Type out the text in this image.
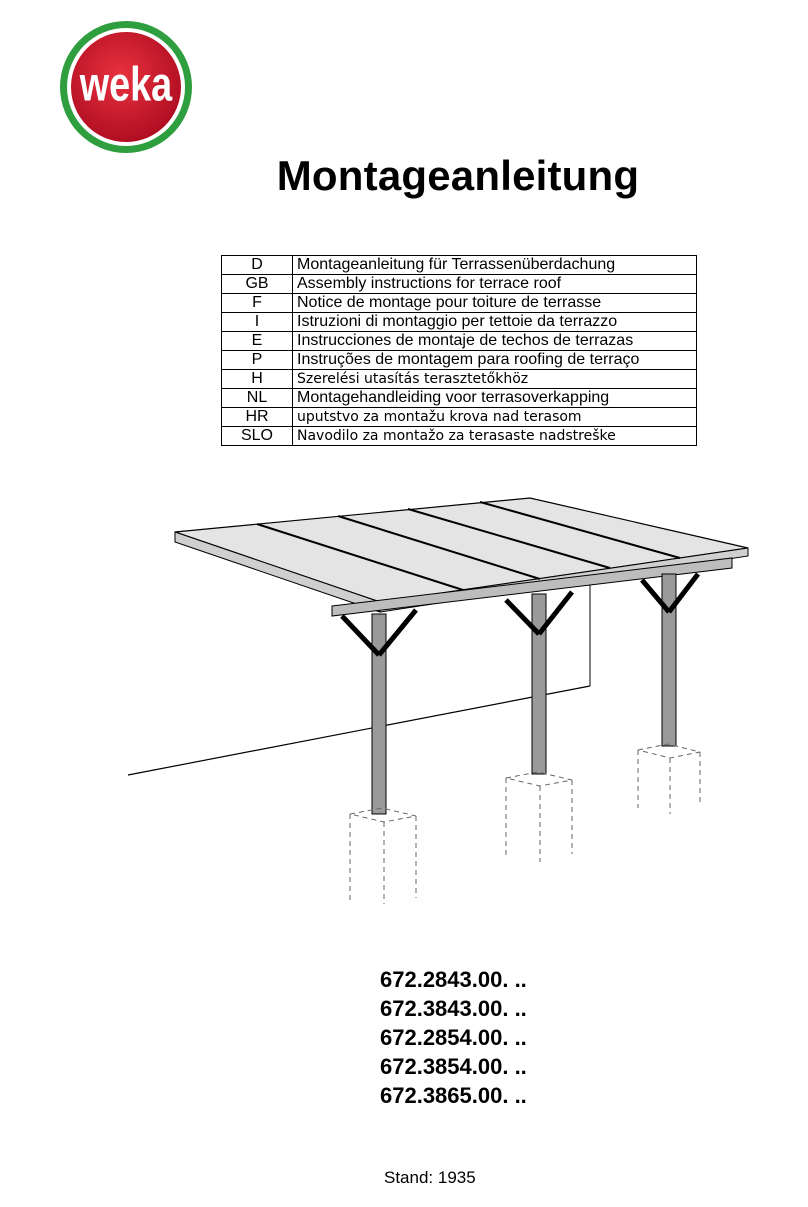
weka
Montageanleitung
D	Montageanleitung für Terrassenüberdachung
GB	Assembly instructions for terrace roof
F	Notice de montage pour toiture de terrasse
I	Istruzioni di montaggio per tettoie da terrazzo
E	Instrucciones de montaje de techos de terrazas
P	Instruções de montagem para roofing de terraço
H	Szerelési utasítás terasztetőkhöz
NL	Montagehandleiding voor terrasoverkapping
HR	uputstvo za montažu krova nad terasom
SLO	Navodilo za montažo za terasaste nadstreške
672.2843.00. ..
672.3843.00. ..
672.2854.00. ..
672.3854.00. ..
672.3865.00. ..
Stand: 1935
